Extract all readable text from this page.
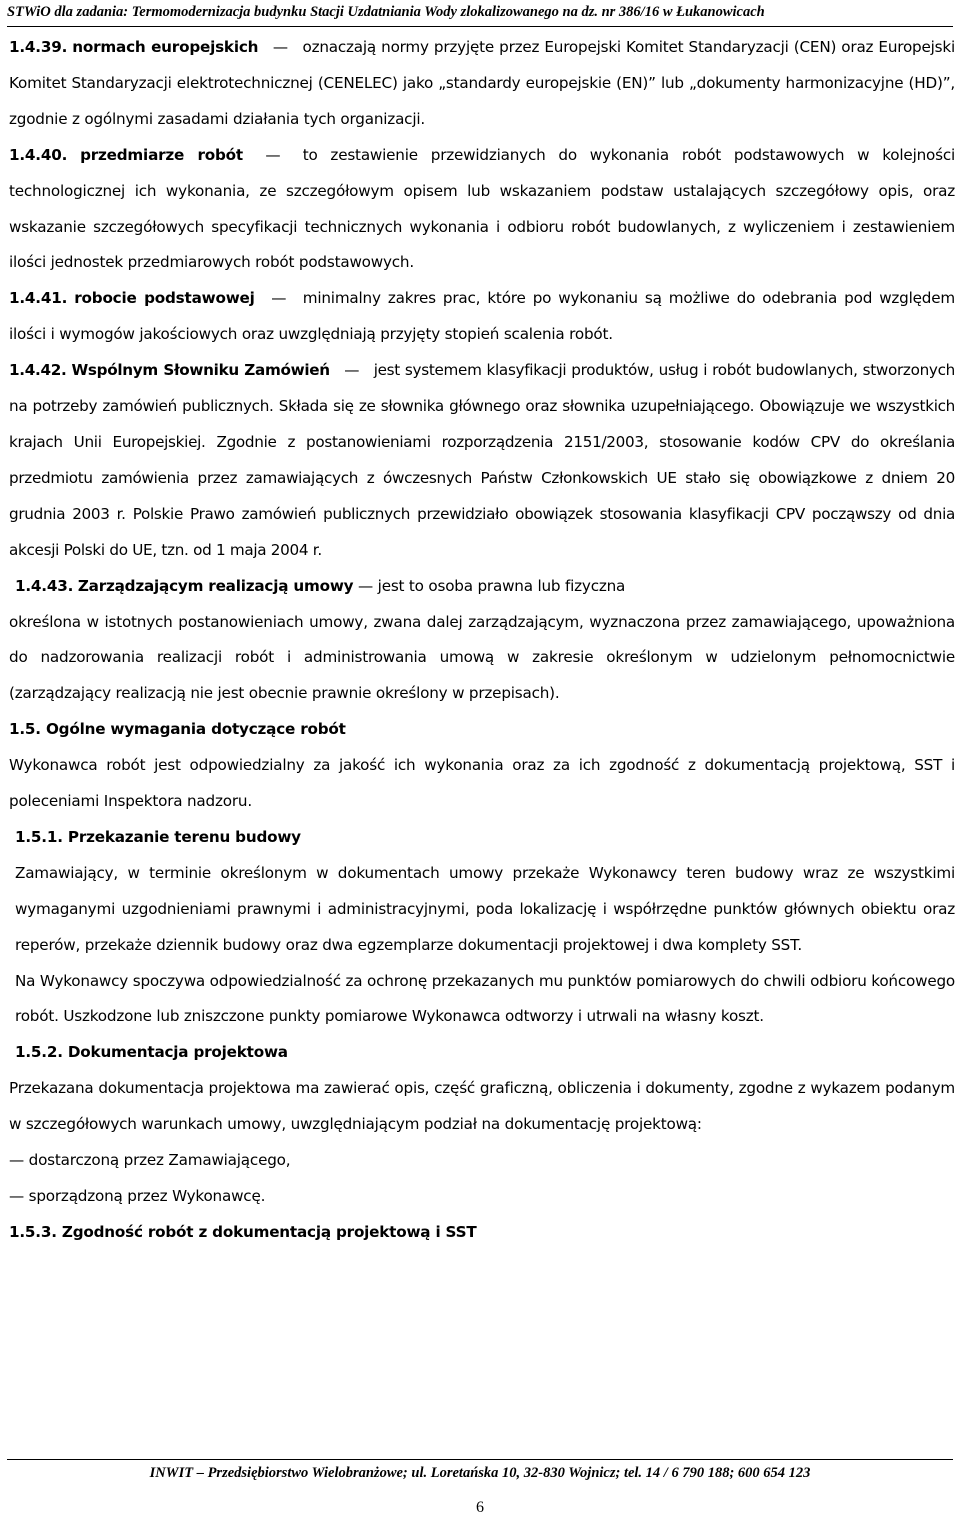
STWiO dla zadania: Termomodernizacja budynku Stacji Uzdatniania Wody zlokalizowanego na dz. nr 386/16 w Łukanowicach

1.4.39. normach europejskich — oznaczają normy przyjęte przez Europejski Komitet Standaryzacji (CEN) oraz Europejski Komitet Standaryzacji elektrotechnicznej (CENELEC) jako „standardy europejskie (EN)” lub „dokumenty harmonizacyjne (HD)”, zgodnie z ogólnymi zasadami działania tych organizacji.

1.4.40. przedmiarze robót — to zestawienie przewidzianych do wykonania robót podstawowych w kolejności technologicznej ich wykonania, ze szczegółowym opisem lub wskazaniem podstaw ustalających szczegółowy opis, oraz wskazanie szczegółowych specyfikacji technicznych wykonania i odbioru robót budowlanych, z wyliczeniem i zestawieniem ilości jednostek przedmiarowych robót podstawowych.

1.4.41. robocie podstawowej — minimalny zakres prac, które po wykonaniu są możliwe do odebrania pod względem ilości i wymogów jakościowych oraz uwzględniają przyjęty stopień scalenia robót.

1.4.42. Wspólnym Słowniku Zamówień — jest systemem klasyfikacji produktów, usług i robót budowlanych, stworzonych na potrzeby zamówień publicznych. Składa się ze słownika głównego oraz słownika uzupełniającego. Obowiązuje we wszystkich krajach Unii Europejskiej. Zgodnie z postanowieniami rozporządzenia 2151/2003, stosowanie kodów CPV do określania przedmiotu zamówienia przez zamawiających z ówczesnych Państw Członkowskich UE stało się obowiązkowe z dniem 20 grudnia 2003 r. Polskie Prawo zamówień publicznych przewidziało obowiązek stosowania klasyfikacji CPV począwszy od dnia akcesji Polski do UE, tzn. od 1 maja 2004 r.

1.4.43. Zarządzającym realizacją umowy — jest to osoba prawna lub fizyczna

określona w istotnych postanowieniach umowy, zwana dalej zarządzającym, wyznaczona przez zamawiającego, upoważniona do nadzorowania realizacji robót i administrowania umową w zakresie określonym w udzielonym pełnomocnictwie (zarządzający realizacją nie jest obecnie prawnie określony w przepisach).

1.5. Ogólne wymagania dotyczące robót

Wykonawca robót jest odpowiedzialny za jakość ich wykonania oraz za ich zgodność z dokumentacją projektową, SST i poleceniami Inspektora nadzoru.

1.5.1. Przekazanie terenu budowy

Zamawiający, w terminie określonym w dokumentach umowy przekaże Wykonawcy teren budowy wraz ze wszystkimi wymaganymi uzgodnieniami prawnymi i administracyjnymi, poda lokalizację i współrzędne punktów głównych obiektu oraz reperów, przekaże dziennik budowy oraz dwa egzemplarze dokumentacji projektowej i dwa komplety SST.

Na Wykonawcy spoczywa odpowiedzialność za ochronę przekazanych mu punktów pomiarowych do chwili odbioru końcowego robót. Uszkodzone lub zniszczone punkty pomiarowe Wykonawca odtworzy i utrwali na własny koszt.

1.5.2. Dokumentacja projektowa

Przekazana dokumentacja projektowa ma zawierać opis, część graficzną, obliczenia i dokumenty, zgodne z wykazem podanym w szczegółowych warunkach umowy, uwzględniającym podział na dokumentację projektową:

— dostarczoną przez Zamawiającego,

— sporządzoną przez Wykonawcę.

1.5.3. Zgodność robót z dokumentacją projektową i SST

INWIT – Przedsiębiorstwo Wielobranżowe; ul. Loretańska 10, 32-830 Wojnicz; tel. 14 / 6 790 188; 600 654 123
6
